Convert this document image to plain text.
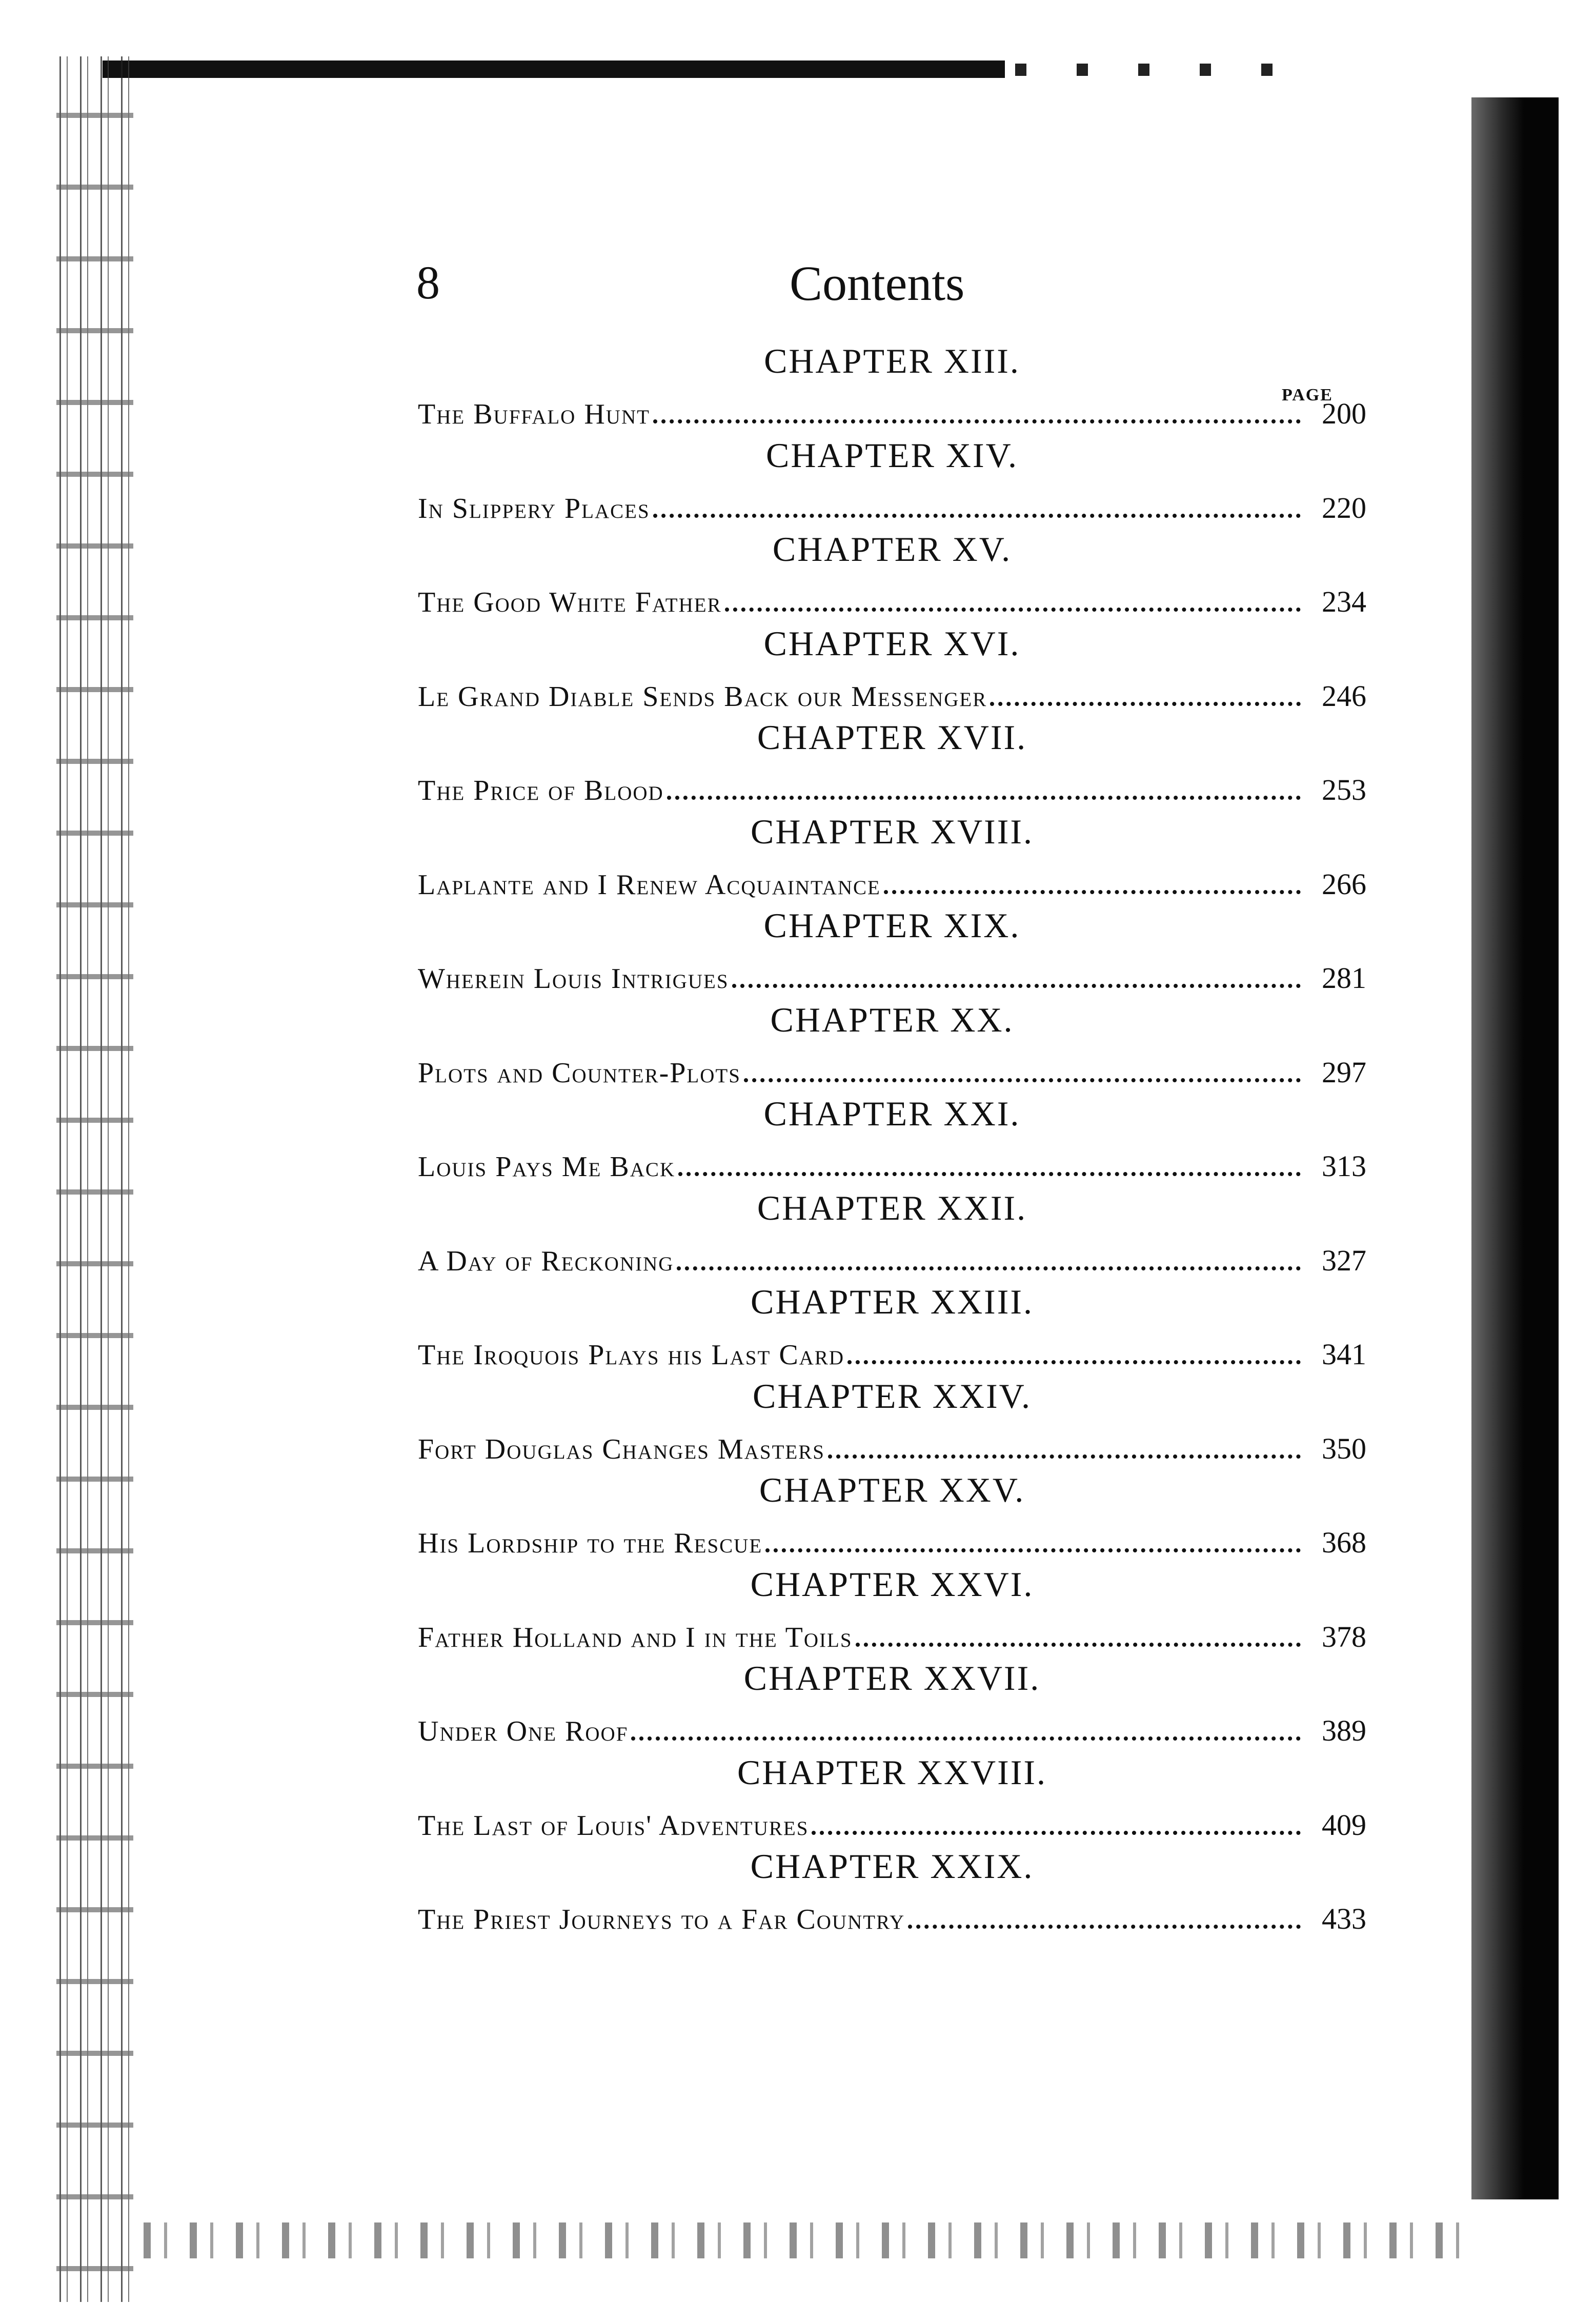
8	Contents
PAGE
CHAPTER XIII.
The Buffalo Hunt	200
CHAPTER XIV.
In Slippery Places	220
CHAPTER XV.
The Good White Father	234
CHAPTER XVI.
Le Grand Diable Sends Back our Messenger	246
CHAPTER XVII.
The Price of Blood	253
CHAPTER XVIII.
Laplante and I Renew Acquaintance	266
CHAPTER XIX.
Wherein Louis Intrigues	281
CHAPTER XX.
Plots and Counter-Plots	297
CHAPTER XXI.
Louis Pays Me Back	313
CHAPTER XXII.
A Day of Reckoning	327
CHAPTER XXIII.
The Iroquois Plays his Last Card	341
CHAPTER XXIV.
Fort Douglas Changes Masters	350
CHAPTER XXV.
His Lordship to the Rescue	368
CHAPTER XXVI.
Father Holland and I in the Toils	378
CHAPTER XXVII.
Under One Roof	389
CHAPTER XXVIII.
The Last of Louis' Adventures	409
CHAPTER XXIX.
The Priest Journeys to a Far Country	433
